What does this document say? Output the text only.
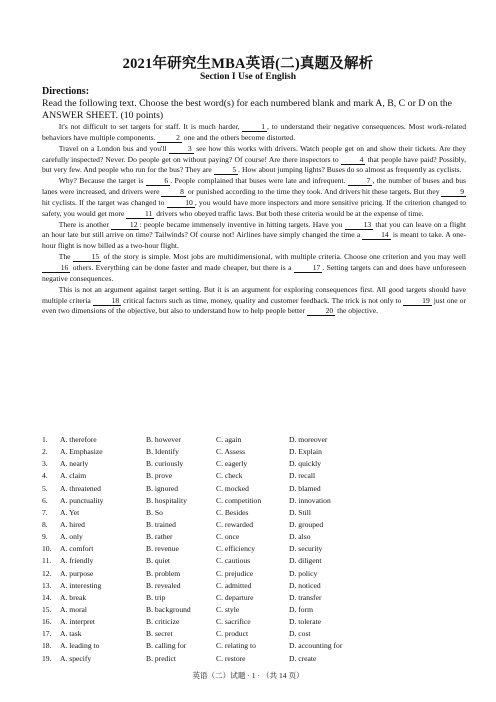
2021年研究生MBA英语(二)真题及解析
Section I Use of English
Directions:
Read the following text. Choose the best word(s) for each numbered blank and mark A, B, C or D on the ANSWER SHEET. (10 points)

It's not difficult to set targets for staff. It is much harder, 1 , to understand their negative consequences. Most work-related behaviors have multiple components. 2 one and the others become distorted.

Travel on a London bus and you'll 3 see how this works with drivers. Watch people get on and show their tickets. Are they carefully inspected? Never. Do people get on without paying? Of course! Are there inspectors to 4 that people have paid? Possibly, but very few. And people who run for the bus? They are 5 . How about jumping lights? Buses do so almost as frequently as cyclists.

Why? Because the target is 6 . People complained that buses were late and infrequent. 7 , the number of buses and bus lanes were increased, and drivers were 8 or punished according to the time they took. And drivers hit these targets. But they 9 hit cyclists. If the target was changed to 10 , you would have more inspectors and more sensitive pricing. If the criterion changed to safety, you would get more 11 drivers who obeyed traffic laws. But both these criteria would be at the expense of time.

There is another 12 : people became immensely inventive in hitting targets. Have you 13 that you can leave on a flight an hour late but still arrive on time? Tailwinds? Of course not! Airlines have simply changed the time a 14 is meant to take. A one-hour flight is now billed as a two-hour flight.

The 15 of the story is simple. Most jobs are multidimensional, with multiple criteria. Choose one criterion and you may well 16 others. Everything can be done faster and made cheaper, but there is a 17 . Setting targets can and does have unforeseen negative consequences.

This is not an argument against target setting. But it is an argument for exploring consequences first. All good targets should have multiple criteria 18 critical factors such as time, money, quality and customer feedback. The trick is not only to 19 just one or even two dimensions of the objective, but also to understand how to help people better 20 the objective.

1.	A. therefore	B. however	C. again	D. moreover
2.	A. Emphasize	B. Identify	C. Assess	D. Explain
3.	A. nearly	B. curiously	C. eagerly	D. quickly
4.	A. claim	B. prove	C. check	D. recall
5.	A. threatened	B. ignored	C. mocked	D. blamed
6.	A. punctuality	B. hospitality	C. competition	D. innovation
7.	A. Yet	B. So	C. Besides	D. Still
8.	A. hired	B. trained	C. rewarded	D. grouped
9.	A. only	B. rather	C. once	D. also
10.	A. comfort	B. revenue	C. efficiency	D. security
11.	A. friendly	B. quiet	C. cautious	D. diligent
12.	A. purpose	B. problem	C. prejudice	D. policy
13.	A. interesting	B. revealed	C. admitted	D. noticed
14.	A. break	B. trip	C. departure	D. transfer
15.	A. moral	B. background	C. style	D. form
16.	A. interpret	B. criticize	C. sacrifice	D. tolerate
17.	A. task	B. secret	C. product	D. cost
18.	A. leading to	B. calling for	C. relating to	D. accounting for
19.	A. specify	B. predict	C. restore	D. create
英语（二）试题 · 1 · （共 14 页）
